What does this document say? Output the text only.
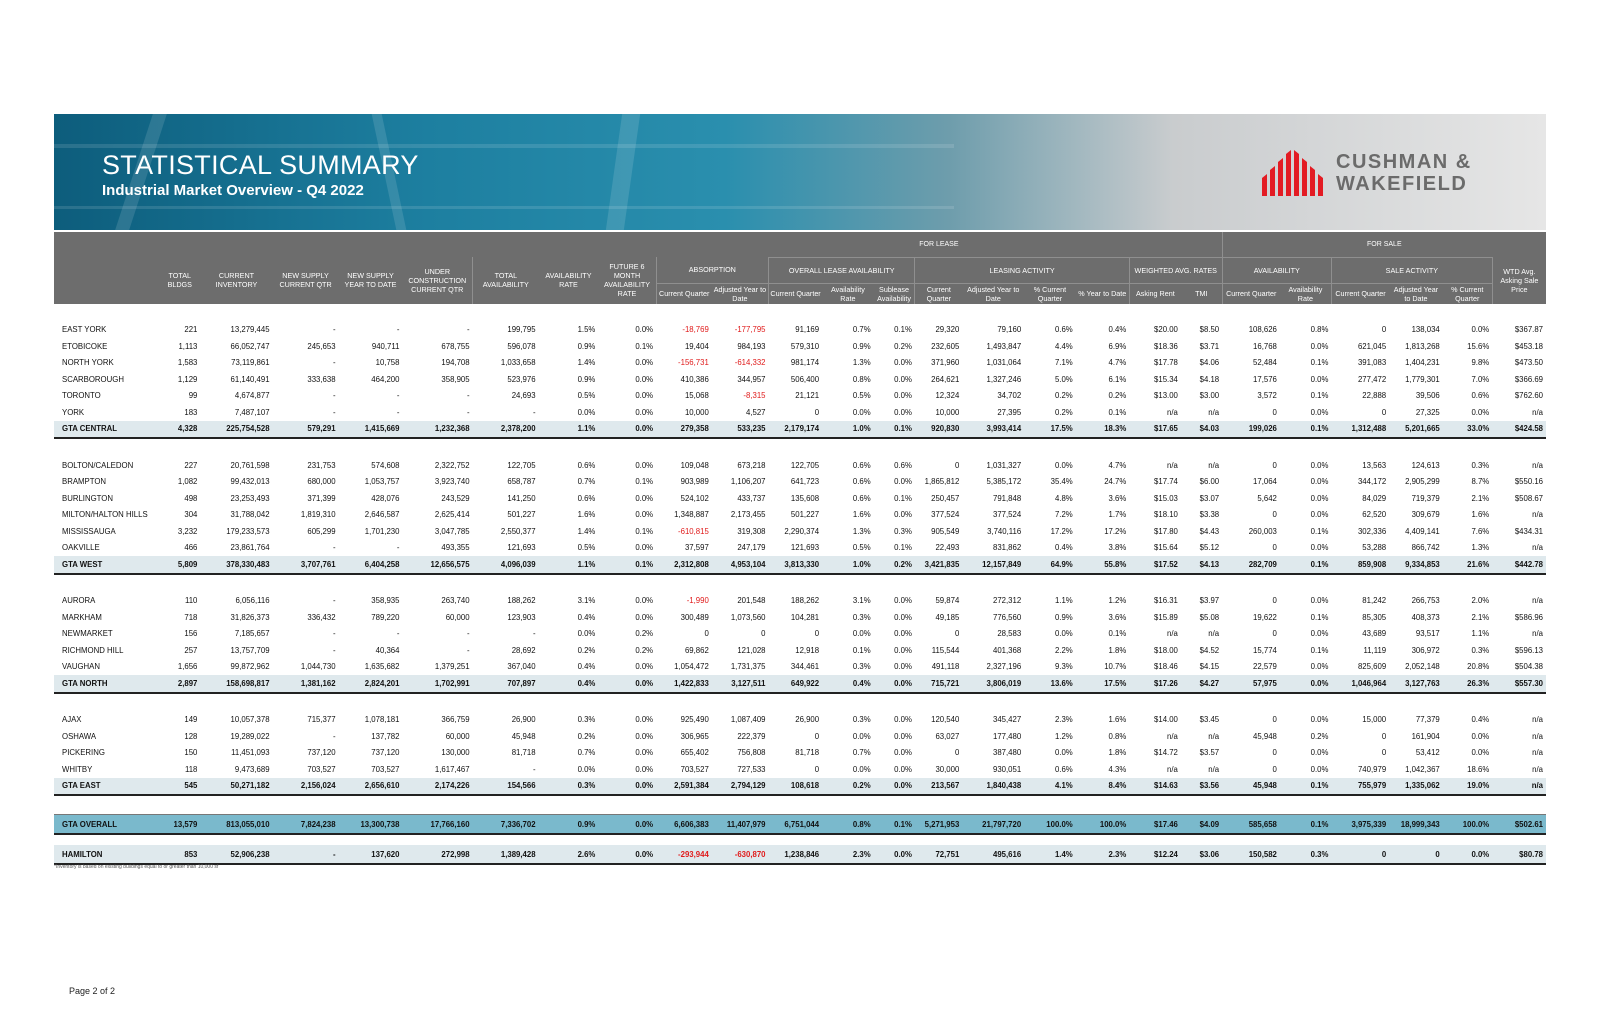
STATISTICAL SUMMARY
Industrial Market Overview - Q4 2022
CUSHMAN &
WAKEFIELD
									FOR LEASE											FOR SALE					
	TOTAL BLDGS	CURRENT INVENTORY	NEW SUPPLY CURRENT QTR	NEW SUPPLY YEAR TO DATE	UNDER CONSTRUCTION CURRENT QTR	TOTAL AVAILABILITY	AVAILABILITY RATE	FUTURE 6 MONTH AVAILABILITY RATE	ABSORPTION		OVERALL LEASE AVAILABILITY			LEASING ACTIVITY				WEIGHTED AVG. RATES		AVAILABILITY		SALE ACTIVITY			WTD Avg. Asking Sale Price
									Current Quarter	Adjusted Year to Date	Current Quarter	Availability Rate	Sublease Availability	Current Quarter	Adjusted Year to Date	% Current Quarter	% Year to Date	Asking Rent	TMI	Current Quarter	Availability Rate	Current Quarter	Adjusted Year to Date	% Current Quarter	

EAST YORK	221	13,279,445	-	-	-	199,795	1.5%	0.0%	-18,769	-177,795	91,169	0.7%	0.1%	29,320	79,160	0.6%	0.4%	$20.00	$8.50	108,626	0.8%	0	138,034	0.0%	$367.87
ETOBICOKE	1,113	66,052,747	245,653	940,711	678,755	596,078	0.9%	0.1%	19,404	984,193	579,310	0.9%	0.2%	232,605	1,493,847	4.4%	6.9%	$18.36	$3.71	16,768	0.0%	621,045	1,813,268	15.6%	$453.18
NORTH YORK	1,583	73,119,861	-	10,758	194,708	1,033,658	1.4%	0.0%	-156,731	-614,332	981,174	1.3%	0.0%	371,960	1,031,064	7.1%	4.7%	$17.78	$4.06	52,484	0.1%	391,083	1,404,231	9.8%	$473.50
SCARBOROUGH	1,129	61,140,491	333,638	464,200	358,905	523,976	0.9%	0.0%	410,386	344,957	506,400	0.8%	0.0%	264,621	1,327,246	5.0%	6.1%	$15.34	$4.18	17,576	0.0%	277,472	1,779,301	7.0%	$366.69
TORONTO	99	4,674,877	-	-	-	24,693	0.5%	0.0%	15,068	-8,315	21,121	0.5%	0.0%	12,324	34,702	0.2%	0.2%	$13.00	$3.00	3,572	0.1%	22,888	39,506	0.6%	$762.60
YORK	183	7,487,107	-	-	-	-	0.0%	0.0%	10,000	4,527	0	0.0%	0.0%	10,000	27,395	0.2%	0.1%	n/a	n/a	0	0.0%	0	27,325	0.0%	n/a
GTA CENTRAL	4,328	225,754,528	579,291	1,415,669	1,232,368	2,378,200	1.1%	0.0%	279,358	533,235	2,179,174	1.0%	0.1%	920,830	3,993,414	17.5%	18.3%	$17.65	$4.03	199,026	0.1%	1,312,488	5,201,665	33.0%	$424.58

BOLTON/CALEDON	227	20,761,598	231,753	574,608	2,322,752	122,705	0.6%	0.0%	109,048	673,218	122,705	0.6%	0.6%	0	1,031,327	0.0%	4.7%	n/a	n/a	0	0.0%	13,563	124,613	0.3%	n/a
BRAMPTON	1,082	99,432,013	680,000	1,053,757	3,923,740	658,787	0.7%	0.1%	903,989	1,106,207	641,723	0.6%	0.0%	1,865,812	5,385,172	35.4%	24.7%	$17.74	$6.00	17,064	0.0%	344,172	2,905,299	8.7%	$550.16
BURLINGTON	498	23,253,493	371,399	428,076	243,529	141,250	0.6%	0.0%	524,102	433,737	135,608	0.6%	0.1%	250,457	791,848	4.8%	3.6%	$15.03	$3.07	5,642	0.0%	84,029	719,379	2.1%	$508.67
MILTON/HALTON HILLS	304	31,788,042	1,819,310	2,646,587	2,625,414	501,227	1.6%	0.0%	1,348,887	2,173,455	501,227	1.6%	0.0%	377,524	377,524	7.2%	1.7%	$18.10	$3.38	0	0.0%	62,520	309,679	1.6%	n/a
MISSISSAUGA	3,232	179,233,573	605,299	1,701,230	3,047,785	2,550,377	1.4%	0.1%	-610,815	319,308	2,290,374	1.3%	0.3%	905,549	3,740,116	17.2%	17.2%	$17.80	$4.43	260,003	0.1%	302,336	4,409,141	7.6%	$434.31
OAKVILLE	466	23,861,764	-	-	493,355	121,693	0.5%	0.0%	37,597	247,179	121,693	0.5%	0.1%	22,493	831,862	0.4%	3.8%	$15.64	$5.12	0	0.0%	53,288	866,742	1.3%	n/a
GTA WEST	5,809	378,330,483	3,707,761	6,404,258	12,656,575	4,096,039	1.1%	0.1%	2,312,808	4,953,104	3,813,330	1.0%	0.2%	3,421,835	12,157,849	64.9%	55.8%	$17.52	$4.13	282,709	0.1%	859,908	9,334,853	21.6%	$442.78

AURORA	110	6,056,116	-	358,935	263,740	188,262	3.1%	0.0%	-1,990	201,548	188,262	3.1%	0.0%	59,874	272,312	1.1%	1.2%	$16.31	$3.97	0	0.0%	81,242	266,753	2.0%	n/a
MARKHAM	718	31,826,373	336,432	789,220	60,000	123,903	0.4%	0.0%	300,489	1,073,560	104,281	0.3%	0.0%	49,185	776,560	0.9%	3.6%	$15.89	$5.08	19,622	0.1%	85,305	408,373	2.1%	$586.96
NEWMARKET	156	7,185,657	-	-	-	-	0.0%	0.2%	0	0	0	0.0%	0.0%	0	28,583	0.0%	0.1%	n/a	n/a	0	0.0%	43,689	93,517	1.1%	n/a
RICHMOND HILL	257	13,757,709	-	40,364	-	28,692	0.2%	0.2%	69,862	121,028	12,918	0.1%	0.0%	115,544	401,368	2.2%	1.8%	$18.00	$4.52	15,774	0.1%	11,119	306,972	0.3%	$596.13
VAUGHAN	1,656	99,872,962	1,044,730	1,635,682	1,379,251	367,040	0.4%	0.0%	1,054,472	1,731,375	344,461	0.3%	0.0%	491,118	2,327,196	9.3%	10.7%	$18.46	$4.15	22,579	0.0%	825,609	2,052,148	20.8%	$504.38
GTA NORTH	2,897	158,698,817	1,381,162	2,824,201	1,702,991	707,897	0.4%	0.0%	1,422,833	3,127,511	649,922	0.4%	0.0%	715,721	3,806,019	13.6%	17.5%	$17.26	$4.27	57,975	0.0%	1,046,964	3,127,763	26.3%	$557.30

AJAX	149	10,057,378	715,377	1,078,181	366,759	26,900	0.3%	0.0%	925,490	1,087,409	26,900	0.3%	0.0%	120,540	345,427	2.3%	1.6%	$14.00	$3.45	0	0.0%	15,000	77,379	0.4%	n/a
OSHAWA	128	19,289,022	-	137,782	60,000	45,948	0.2%	0.0%	306,965	222,379	0	0.0%	0.0%	63,027	177,480	1.2%	0.8%	n/a	n/a	45,948	0.2%	0	161,904	0.0%	n/a
PICKERING	150	11,451,093	737,120	737,120	130,000	81,718	0.7%	0.0%	655,402	756,808	81,718	0.7%	0.0%	0	387,480	0.0%	1.8%	$14.72	$3.57	0	0.0%	0	53,412	0.0%	n/a
WHITBY	118	9,473,689	703,527	703,527	1,617,467	-	0.0%	0.0%	703,527	727,533	0	0.0%	0.0%	30,000	930,051	0.6%	4.3%	n/a	n/a	0	0.0%	740,979	1,042,367	18.6%	n/a
GTA EAST	545	50,271,182	2,156,024	2,656,610	2,174,226	154,566	0.3%	0.0%	2,591,384	2,794,129	108,618	0.2%	0.0%	213,567	1,840,438	4.1%	8.4%	$14.63	$3.56	45,948	0.1%	755,979	1,335,062	19.0%	n/a

GTA OVERALL	13,579	813,055,010	7,824,238	13,300,738	17,766,160	7,336,702	0.9%	0.0%	6,606,383	11,407,979	6,751,044	0.8%	0.1%	5,271,953	21,797,720	100.0%	100.0%	$17.46	$4.09	585,658	0.1%	3,975,339	18,999,343	100.0%	$502.61

HAMILTON	853	52,906,238	-	137,620	272,998	1,389,428	2.6%	0.0%	-293,944	-630,870	1,238,846	2.3%	0.0%	72,751	495,616	1.4%	2.3%	$12.24	$3.06	150,582	0.3%	0	0	0.0%	$80.78
*Inventory is based on existing buildings equal to or greater than 10,000 sf
Page 2 of 2
